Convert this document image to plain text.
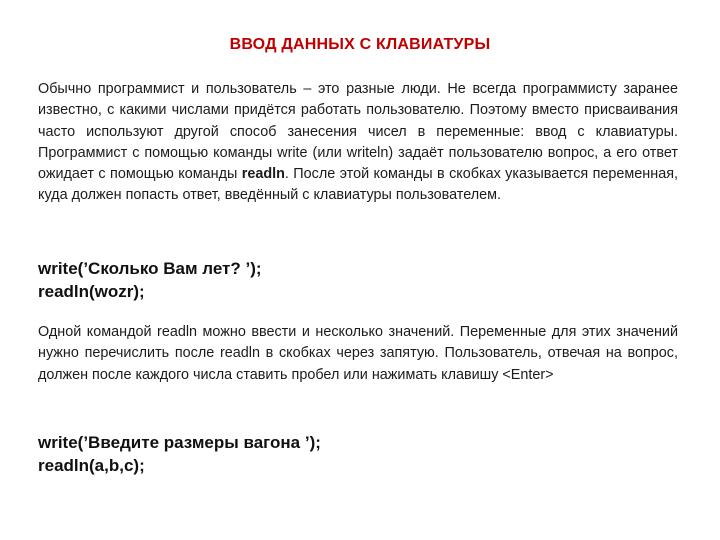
ВВОД ДАННЫХ С КЛАВИАТУРЫ
Обычно программист и пользователь – это разные люди. Не всегда программисту заранее известно, с какими числами придётся работать пользователю. Поэтому вместо присваивания часто используют другой способ занесения чисел в переменные: ввод с клавиатуры. Программист с помощью команды write (или writeln) задаёт пользователю вопрос, а его ответ ожидает с помощью команды readln. После этой команды в скобках указывается переменная, куда должен попасть ответ, введённый с клавиатуры пользователем.
write(’Сколько Вам лет? ’);
readln(wozr);
Одной командой readln можно ввести и несколько значений. Переменные для этих значений нужно перечислить после readln в скобках через запятую. Пользователь, отвечая на вопрос, должен после каждого числа ставить пробел или нажимать клавишу <Enter>
write(’Введите размеры вагона ’);
readln(a,b,c);
